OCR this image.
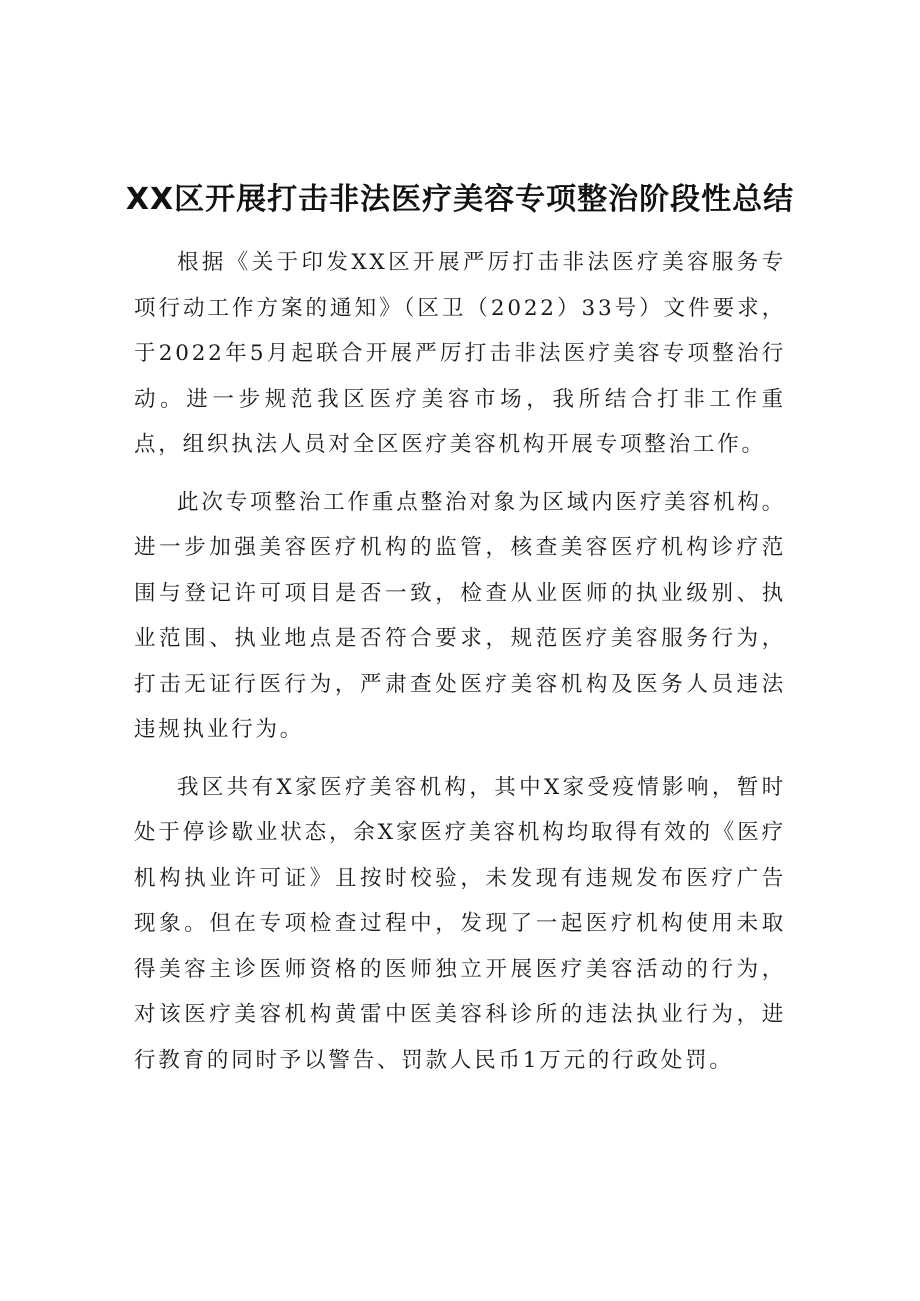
XX区开展打击非法医疗美容专项整治阶段性总结

根据《关于印发XX区开展严厉打击非法医疗美容服务专项行动工作方案的通知》（区卫（2022）33号）文件要求，于2022年5月起联合开展严厉打击非法医疗美容专项整治行动。进一步规范我区医疗美容市场，我所结合打非工作重点，组织执法人员对全区医疗美容机构开展专项整治工作。

此次专项整治工作重点整治对象为区域内医疗美容机构。进一步加强美容医疗机构的监管，核查美容医疗机构诊疗范围与登记许可项目是否一致，检查从业医师的执业级别、执业范围、执业地点是否符合要求，规范医疗美容服务行为，打击无证行医行为，严肃查处医疗美容机构及医务人员违法违规执业行为。

我区共有X家医疗美容机构，其中X家受疫情影响，暂时处于停诊歇业状态，余X家医疗美容机构均取得有效的《医疗机构执业许可证》且按时校验，未发现有违规发布医疗广告现象。但在专项检查过程中，发现了一起医疗机构使用未取得美容主诊医师资格的医师独立开展医疗美容活动的行为，对该医疗美容机构黄雷中医美容科诊所的违法执业行为，进行教育的同时予以警告、罚款人民币1万元的行政处罚。
